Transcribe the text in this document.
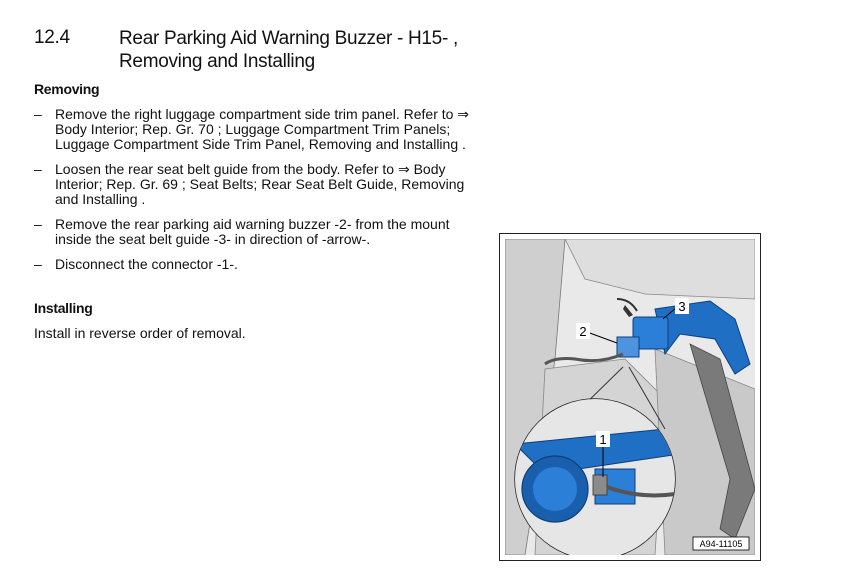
12.4	Rear Parking Aid Warning Buzzer - H15- , Removing and Installing
Removing
– Remove the right luggage compartment side trim panel. Refer to ⇒ Body Interior; Rep. Gr. 70 ; Luggage Compartment Trim Panels; Luggage Compartment Side Trim Panel, Removing and Installing .
– Loosen the rear seat belt guide from the body. Refer to ⇒ Body Interior; Rep. Gr. 69 ; Seat Belts; Rear Seat Belt Guide, Removing and Installing .
– Remove the rear parking aid warning buzzer -2- from the mount inside the seat belt guide -3- in direction of -arrow-.
– Disconnect the connector -1-.
Installing
Install in reverse order of removal.
1
2
3
A94-11105
